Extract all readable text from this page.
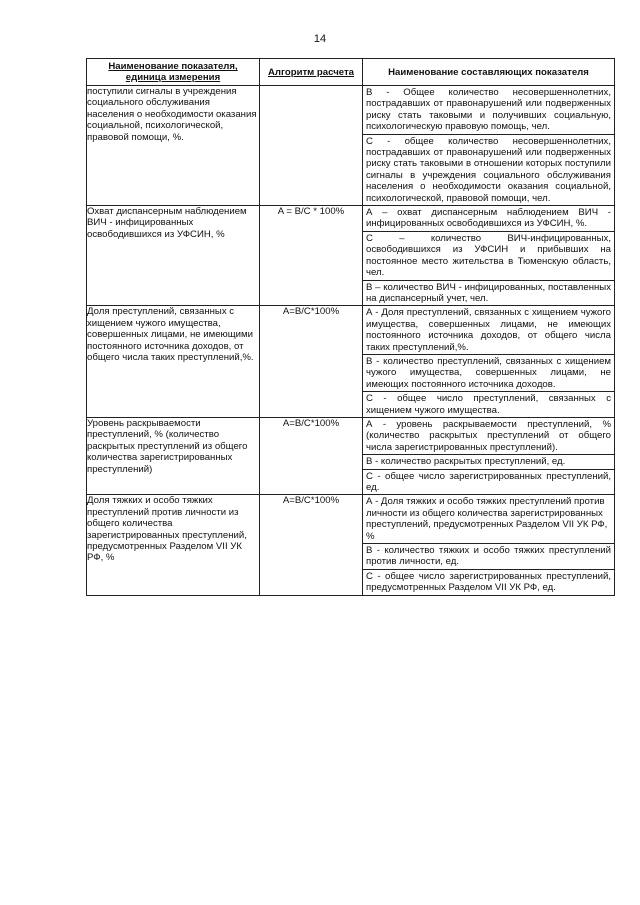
14
Наименование показателя, единица измерения	Алгоритм расчета	Наименование составляющих показателя
поступили сигналы в учреждения социального обслуживания населения о необходимости оказания социальной, психологической, правовой помощи, %.		B - Общее количество несовершеннолетних, пострадавших от правонарушений или подверженных риску стать таковыми и получивших социальную, психологическую правовую помощь, чел.
С - общее количество несовершеннолетних, пострадавших от правонарушений или подверженных риску стать таковыми в отношении которых поступили сигналы в учреждения социального обслуживания населения о необходимости оказания социальной, психологической, правовой помощи, чел.

Охват диспансерным наблюдением ВИЧ - инфицированных освободившихся из УФСИН, %	A = B/C * 100%	А – охват диспансерным наблюдением ВИЧ - инфицированных освободившихся из УФСИН, %.
С – количество ВИЧ-инфицированных, освободившихся из УФСИН и прибывших на постоянное место жительства в Тюменскую область, чел.
В – количество ВИЧ - инфицированных, поставленных на диспансерный учет, чел.

Доля преступлений, связанных с хищением чужого имущества, совершенных лицами, не имеющими постоянного источника доходов, от общего числа таких преступлений,%.	A=B/C*100%	А - Доля преступлений, связанных с хищением чужого имущества, совершенных лицами, не имеющих постоянного источника доходов, от общего числа таких преступлений,%.
В - количество преступлений, связанных с хищением чужого имущества, совершенных лицами, не имеющих постоянного источника доходов.
С - общее число преступлений, связанных с хищением чужого имущества.

Уровень раскрываемости преступлений, % (количество раскрытых преступлений из общего количества зарегистрированных преступлений)	A=B/C*100%	А - уровень раскрываемости преступлений, % (количество раскрытых преступлений от общего числа зарегистрированных преступлений).
В - количество раскрытых преступлений, ед.
С - общее число зарегистрированных преступлений, ед.

Доля тяжких и особо тяжких преступлений против личности из общего количества зарегистрированных преступлений, предусмотренных Разделом VII УК РФ, %	A=B/C*100%	А - Доля тяжких и особо тяжких преступлений против личности из общего количества зарегистрированных преступлений, предусмотренных Разделом VII УК РФ, %
В - количество тяжких и особо тяжких преступлений против личности, ед.
С - общее число зарегистрированных преступлений, предусмотренных Разделом VII УК РФ, ед.
